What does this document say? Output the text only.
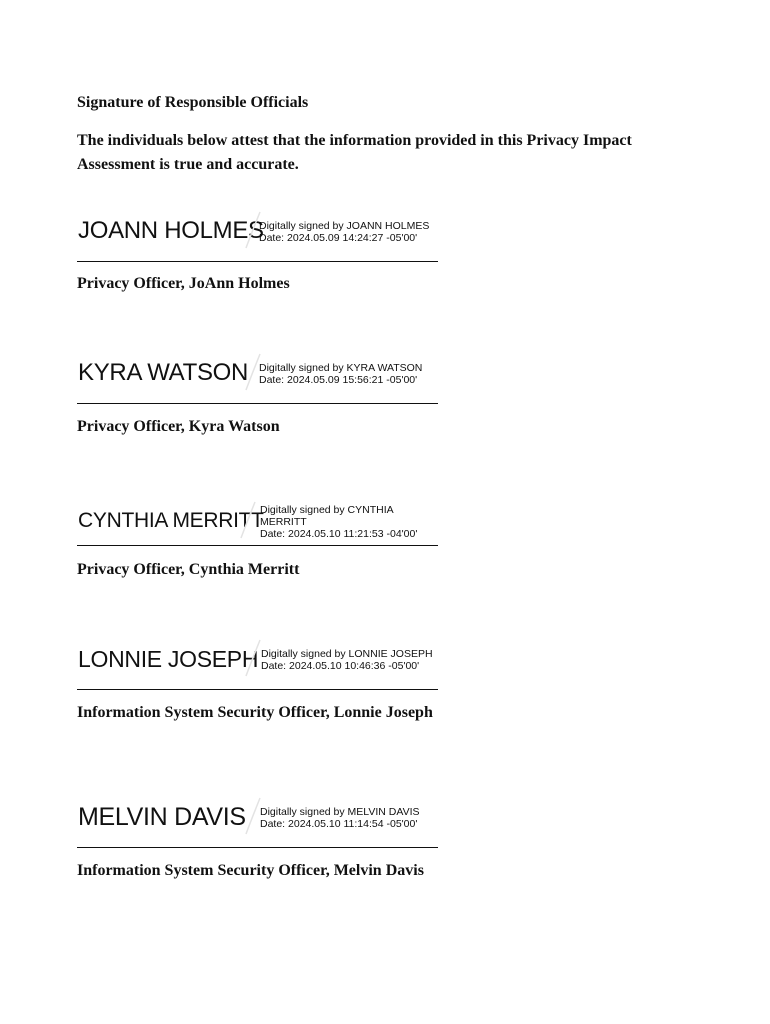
Signature of Responsible Officials
The individuals below attest that the information provided in this Privacy Impact Assessment is true and accurate.
JOANN HOLMES
Digitally signed by JOANN HOLMES
Date: 2024.05.09 14:24:27 -05'00'
Privacy Officer, JoAnn Holmes
KYRA WATSON Digitally signed by KYRA WATSON
Date: 2024.05.09 15:56:21 -05'00'
Privacy Officer, Kyra Watson
CYNTHIA MERRITT
Digitally signed by CYNTHIA
MERRITT
Date: 2024.05.10 11:21:53 -04'00'
Privacy Officer, Cynthia Merritt
LONNIE JOSEPH Digitally signed by LONNIE JOSEPH
Date: 2024.05.10 10:46:36 -05'00'
Information System Security Officer, Lonnie Joseph
MELVIN DAVIS Digitally signed by MELVIN DAVIS
Date: 2024.05.10 11:14:54 -05'00'
Information System Security Officer, Melvin Davis
